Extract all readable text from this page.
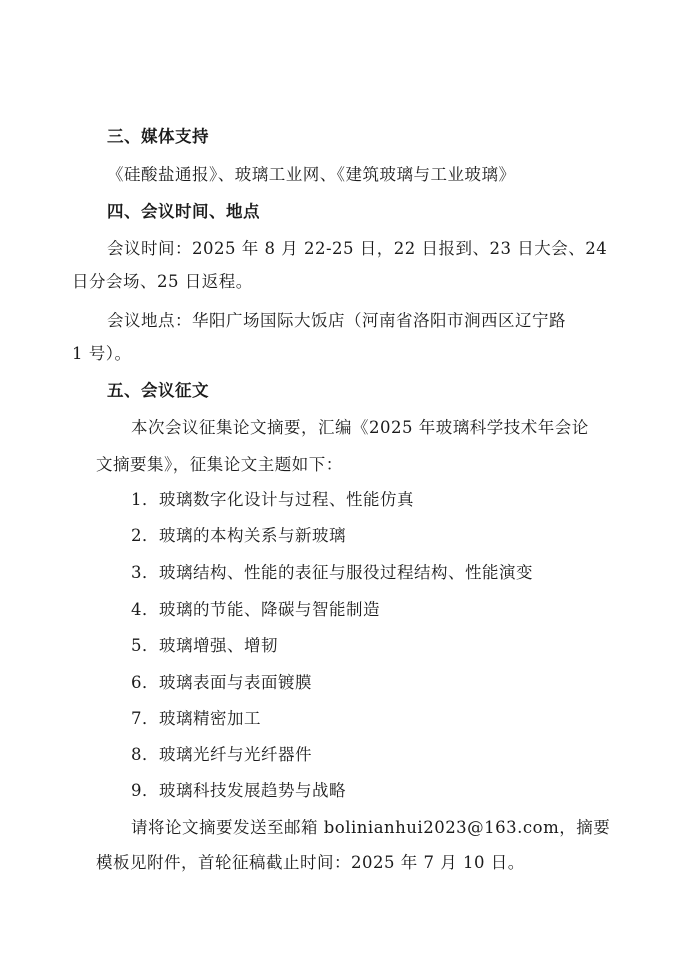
三、媒体支持
《硅酸盐通报》、玻璃工业网、《建筑玻璃与工业玻璃》
四、会议时间、地点
会议时间：2025 年 8 月 22-25 日，22 日报到、23 日大会、24
日分会场、25 日返程。
会议地点：华阳广场国际大饭店（河南省洛阳市涧西区辽宁路
1 号）。
五、会议征文
本次会议征集论文摘要，汇编《2025 年玻璃科学技术年会论
文摘要集》，征集论文主题如下：
1．玻璃数字化设计与过程、性能仿真
2．玻璃的本构关系与新玻璃
3．玻璃结构、性能的表征与服役过程结构、性能演变
4．玻璃的节能、降碳与智能制造
5．玻璃增强、增韧
6．玻璃表面与表面镀膜
7．玻璃精密加工
8．玻璃光纤与光纤器件
9．玻璃科技发展趋势与战略
请将论文摘要发送至邮箱 bolinianhui2023@163.com，摘要
模板见附件，首轮征稿截止时间：2025 年 7 月 10 日。
